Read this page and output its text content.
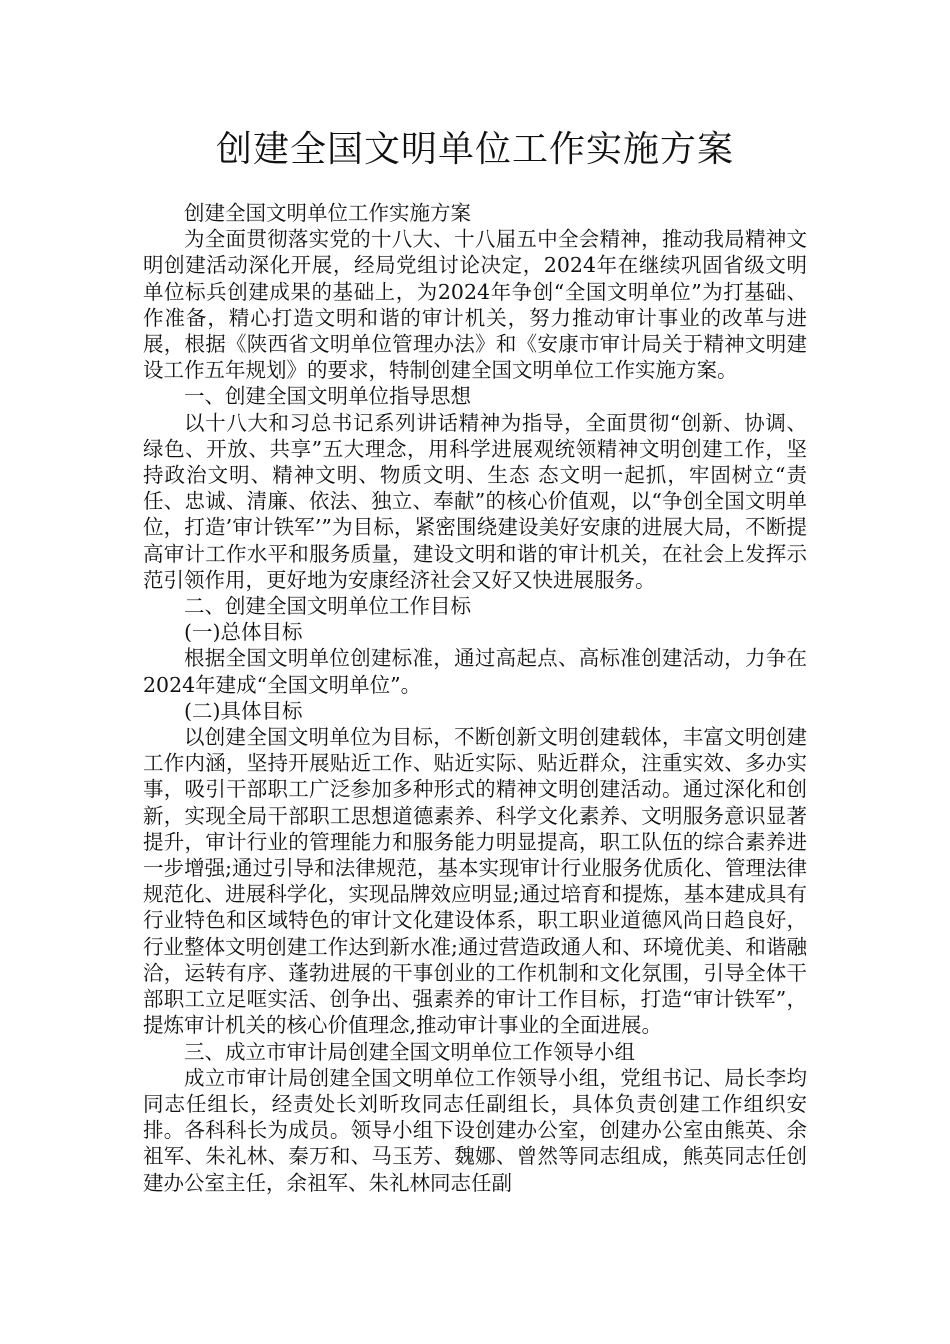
创建全国文明单位工作实施方案

创建全国文明单位工作实施方案

为全面贯彻落实党的十八大、十八届五中全会精神，推动我局精神文明创建活动深化开展，经局党组讨论决定，2024年在继续巩固省级文明单位标兵创建成果的基础上，为2024年争创“全国文明单位”为打基础、作准备，精心打造文明和谐的审计机关，努力推动审计事业的改革与进展，根据《陕西省文明单位管理办法》和《安康市审计局关于精神文明建设工作五年规划》的要求，特制创建全国文明单位工作实施方案。

一、创建全国文明单位指导思想

以十八大和习总书记系列讲话精神为指导，全面贯彻“创新、协调、绿色、开放、共享”五大理念，用科学进展观统领精神文明创建工作，坚持政治文明、精神文明、物质文明、生态 态文明一起抓，牢固树立“责任、忠诚、清廉、依法、独立、奉献”的核心价值观，以“争创全国文明单位，打造’审计铁军’”为目标，紧密围绕建设美好安康的进展大局，不断提高审计工作水平和服务质量，建设文明和谐的审计机关，在社会上发挥示范引领作用，更好地为安康经济社会又好又快进展服务。

二、创建全国文明单位工作目标

(一)总体目标

根据全国文明单位创建标准，通过高起点、高标准创建活动，力争在2024年建成“全国文明单位”。

(二)具体目标

以创建全国文明单位为目标，不断创新文明创建载体，丰富文明创建工作内涵，坚持开展贴近工作、贴近实际、贴近群众，注重实效、多办实事，吸引干部职工广泛参加多种形式的精神文明创建活动。通过深化和创新，实现全局干部职工思想道德素养、科学文化素养、文明服务意识显著提升，审计行业的管理能力和服务能力明显提高，职工队伍的综合素养进一步增强;通过引导和法律规范，基本实现审计行业服务优质化、管理法律规范化、进展科学化，实现品牌效应明显;通过培育和提炼，基本建成具有行业特色和区域特色的审计文化建设体系，职工职业道德风尚日趋良好，行业整体文明创建工作达到新水准;通过营造政通人和、环境优美、和谐融洽，运转有序、蓬勃进展的干事创业的工作机制和文化氛围，引导全体干部职工立足哐实活、创争出、强素养的审计工作目标，打造“审计铁军”，提炼审计机关的核心价值理念,推动审计事业的全面进展。

三、成立市审计局创建全国文明单位工作领导小组

成立市审计局创建全国文明单位工作领导小组，党组书记、局长李均同志任组长，经责处长刘昕玫同志任副组长，具体负责创建工作组织安排。各科科长为成员。领导小组下设创建办公室，创建办公室由熊英、余祖军、朱礼林、秦万和、马玉芳、魏娜、曾然等同志组成，熊英同志任创建办公室主任，余祖军、朱礼林同志任副
